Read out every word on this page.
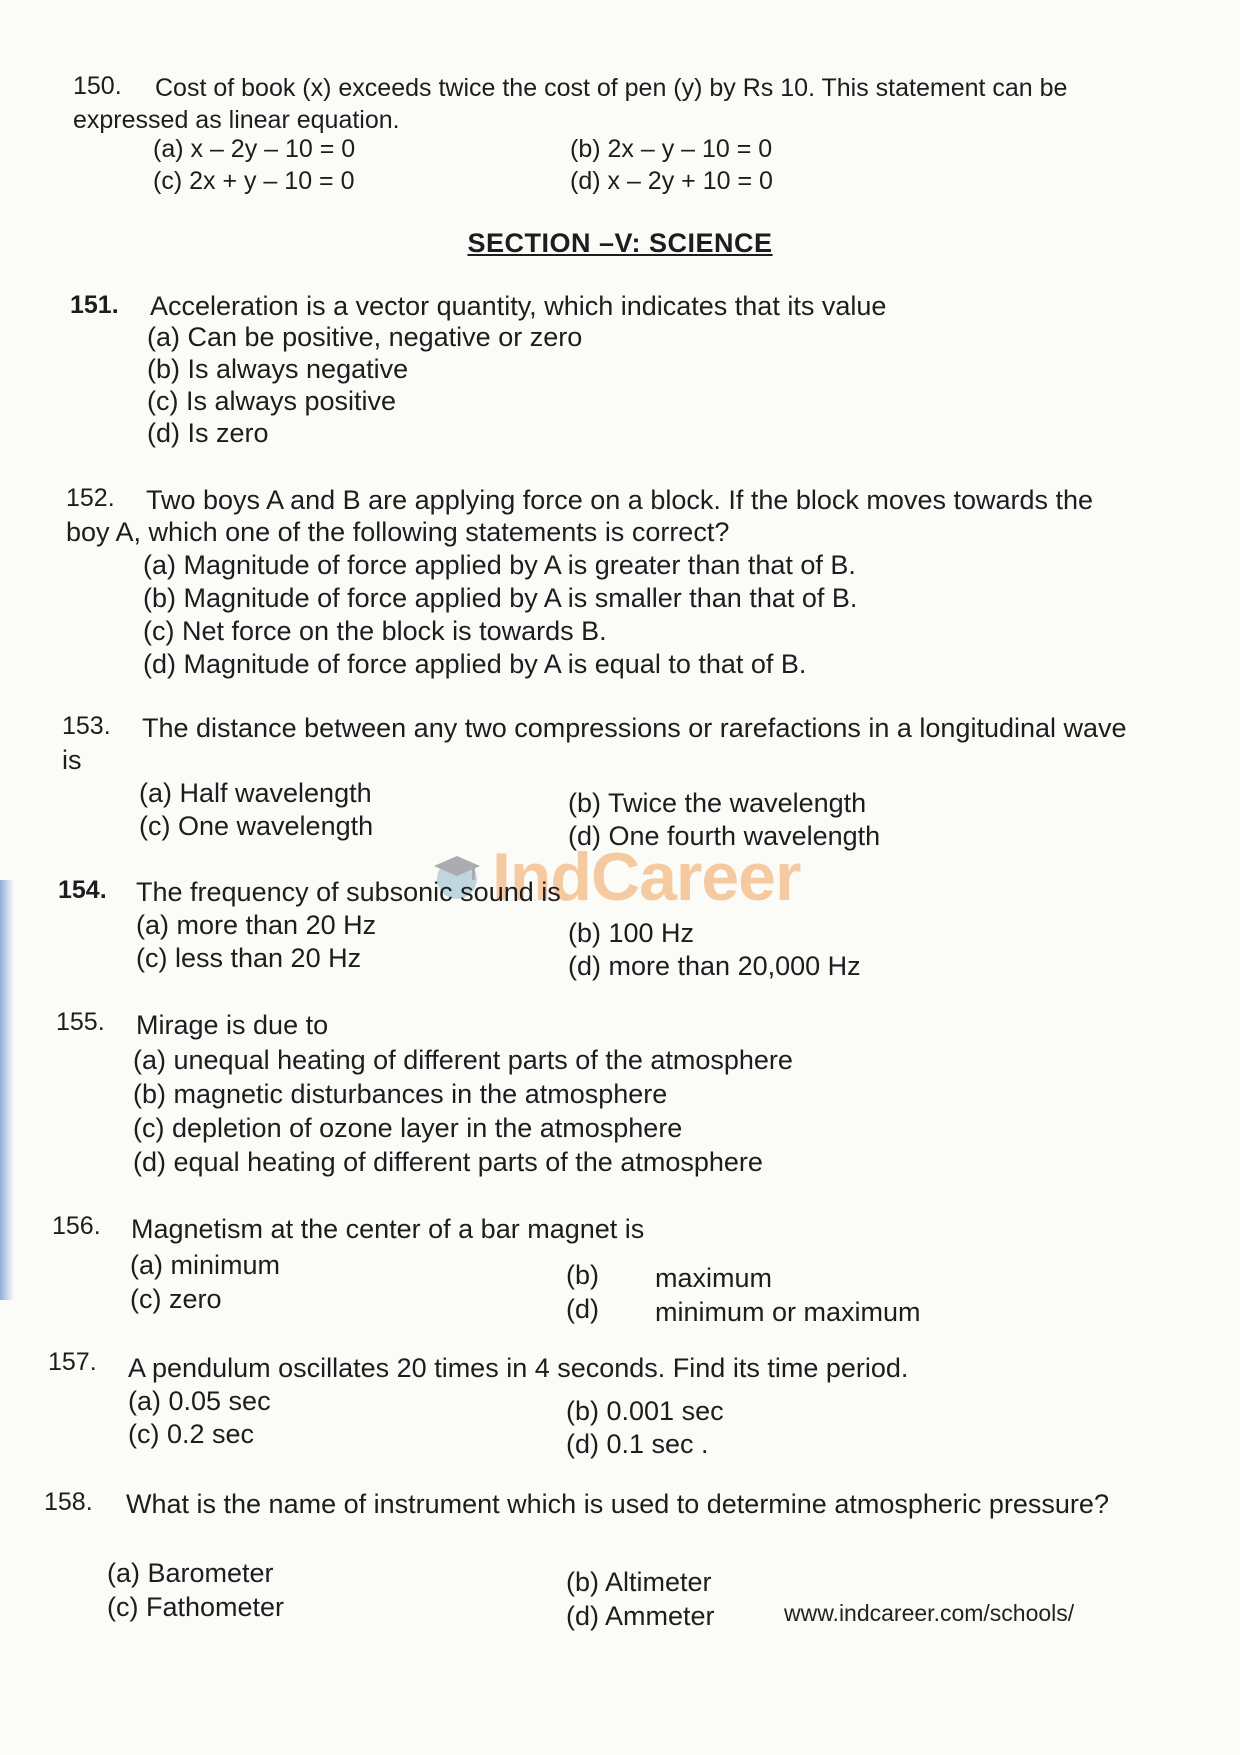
150.	Cost of book (x) exceeds twice the cost of pen (y) by Rs 10. This statement can be expressed as linear equation.
(a) x – 2y – 10 = 0	(b) 2x – y – 10 = 0
(c) 2x + y – 10 = 0	(d) x – 2y + 10 = 0
SECTION –V: SCIENCE
151. Acceleration is a vector quantity, which indicates that its value
(a) Can be positive, negative or zero
(b) Is always negative
(c) Is always positive
(d) Is zero
152.	Two boys A and B are applying force on a block. If the block moves towards the boy A, which one of the following statements is correct?
(a) Magnitude of force applied by A is greater than that of B.
(b) Magnitude of force applied by A is smaller than that of B.
(c) Net force on the block is towards B.
(d) Magnitude of force applied by A is equal to that of B.
153.	The distance between any two compressions or rarefactions in a longitudinal wave is
(a) Half wavelength	(b) Twice the wavelength
(c) One wavelength	(d) One fourth wavelength
IndCareer
154. The frequency of subsonic sound is
(a) more than 20 Hz	(b) 100 Hz
(c) less than 20 Hz	(d) more than 20,000 Hz
155. Mirage is due to
(a) unequal heating of different parts of the atmosphere
(b) magnetic disturbances in the atmosphere
(c) depletion of ozone layer in the atmosphere
(d) equal heating of different parts of the atmosphere
156. Magnetism at the center of a bar magnet is
(a) minimum	(b) maximum
(c) zero	(d) minimum or maximum
157. A pendulum oscillates 20 times in 4 seconds. Find its time period.
(a) 0.05 sec	(b) 0.001 sec
(c) 0.2 sec	(d) 0.1 sec .
158.	What is the name of instrument which is used to determine atmospheric pressure?
(a) Barometer	(b) Altimeter
(c) Fathometer	(d) Ammeter	www.indcareer.com/schools/
